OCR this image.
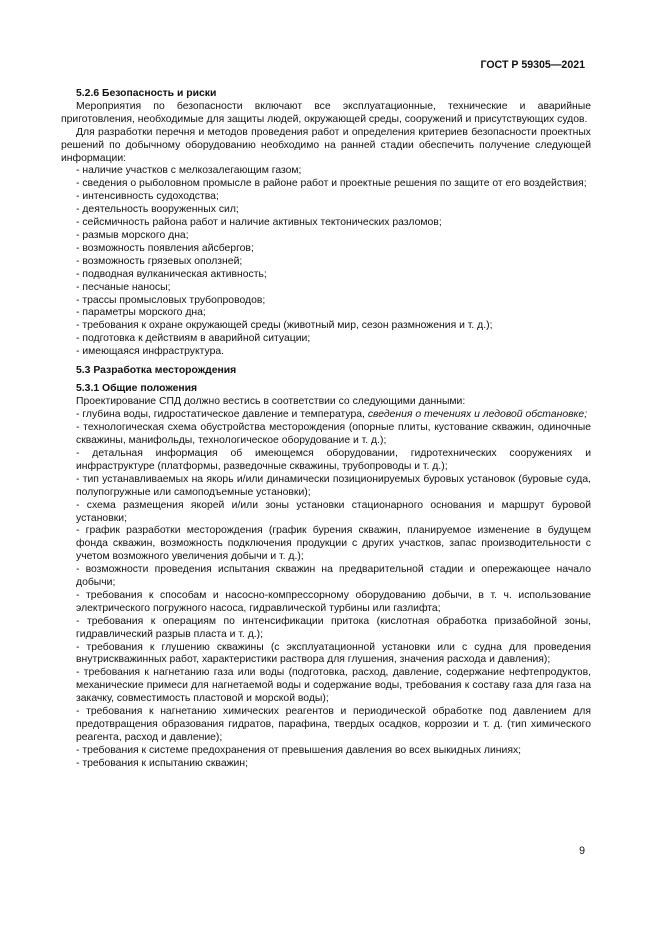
ГОСТ Р 59305—2021

5.2.6 Безопасность и риски

Мероприятия по безопасности включают все эксплуатационные, технические и аварийные приготовления, необходимые для защиты людей, окружающей среды, сооружений и присутствующих судов.

Для разработки перечня и методов проведения работ и определения критериев безопасности проектных решений по добычному оборудованию необходимо на ранней стадии обеспечить получение следующей информации:

- наличие участков с мелкозалегающим газом;

- сведения о рыболовном промысле в районе работ и проектные решения по защите от его воздействия;

- интенсивность судоходства;

- деятельность вооруженных сил;

- сейсмичность района работ и наличие активных тектонических разломов;

- размыв морского дна;

- возможность появления айсбергов;

- возможность грязевых оползней;

- подводная вулканическая активность;

- песчаные наносы;

- трассы промысловых трубопроводов;

- параметры морского дна;

- требования к охране окружающей среды (животный мир, сезон размножения и т. д.);

- подготовка к действиям в аварийной ситуации;

- имеющаяся инфраструктура.

5.3 Разработка месторождения

5.3.1 Общие положения

Проектирование СПД должно вестись в соответствии со следующими данными:

- глубина воды, гидростатическое давление и температура, сведения о течениях и ледовой обстановке;

- технологическая схема обустройства месторождения (опорные плиты, кустование скважин, одиночные скважины, манифольды, технологическое оборудование и т. д.);

- детальная информация об имеющемся оборудовании, гидротехнических сооружениях и инфраструктуре (платформы, разведочные скважины, трубопроводы и т. д.);

- тип устанавливаемых на якорь и/или динамически позиционируемых буровых установок (буровые суда, полупогружные или самоподъемные установки);

- схема размещения якорей и/или зоны установки стационарного основания и маршрут буровой установки;

- график разработки месторождения (график бурения скважин, планируемое изменение в будущем фонда скважин, возможность подключения продукции с других участков, запас производительности с учетом возможного увеличения добычи и т. д.);

- возможности проведения испытания скважин на предварительной стадии и опережающее начало добычи;

- требования к способам и насосно-компрессорному оборудованию добычи, в т. ч. использование электрического погружного насоса, гидравлической турбины или газлифта;

- требования к операциям по интенсификации притока (кислотная обработка призабойной зоны, гидравлический разрыв пласта и т. д.);

- требования к глушению скважины (с эксплуатационной установки или с судна для проведения внутрискважинных работ, характеристики раствора для глушения, значения расхода и давления);

- требования к нагнетанию газа или воды (подготовка, расход, давление, содержание нефтепродуктов, механические примеси для нагнетаемой воды и содержание воды, требования к составу газа для газа на закачку, совместимость пластовой и морской воды);

- требования к нагнетанию химических реагентов и периодической обработке под давлением для предотвращения образования гидратов, парафина, твердых осадков, коррозии и т. д. (тип химического реагента, расход и давление);

- требования к системе предохранения от превышения давления во всех выкидных линиях;

- требования к испытанию скважин;

9
